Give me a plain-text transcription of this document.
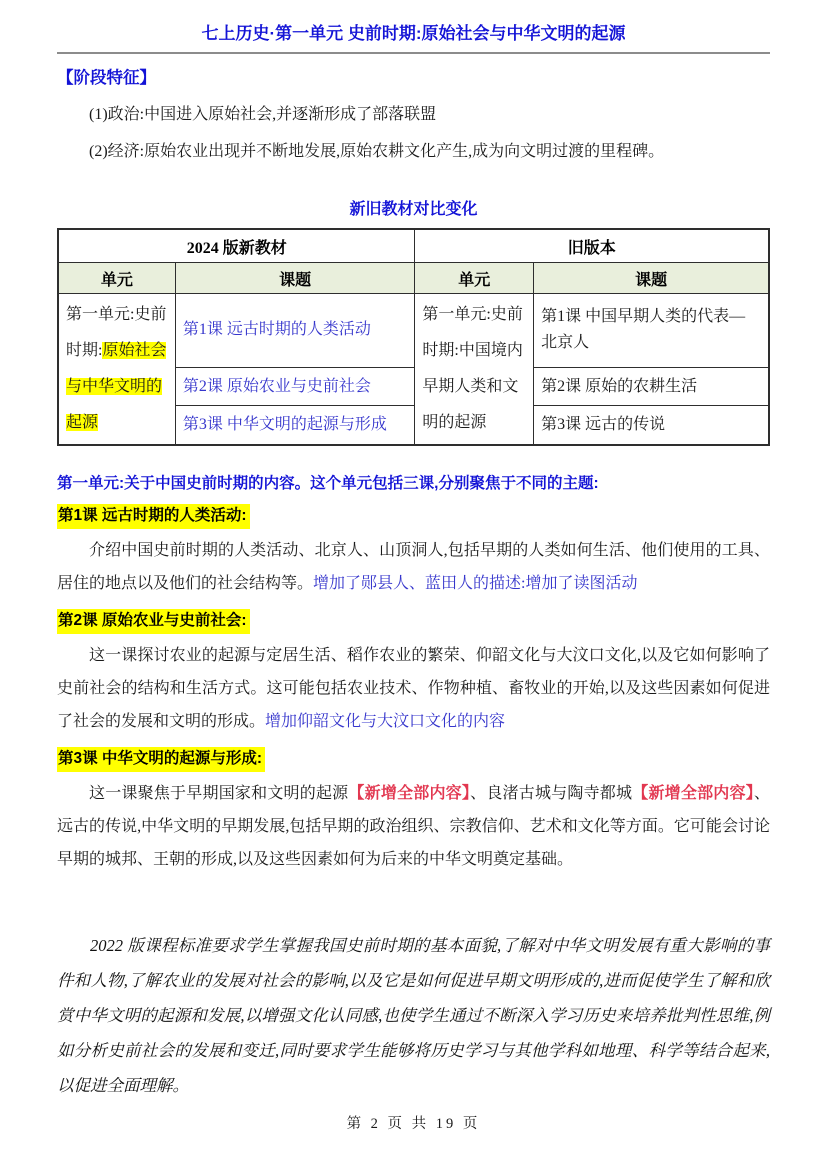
七上历史·第一单元 史前时期:原始社会与中华文明的起源
【阶段特征】

(1)政治:中国进入原始社会,并逐渐形成了部落联盟

(2)经济:原始农业出现并不断地发展,原始农耕文化产生,成为向文明过渡的里程碑。

新旧教材对比变化
2024 版新教材		旧版本	
单元	课题	单元	课题
第一单元:史前时期:原始社会与中华文明的起源	第1课 远古时期的人类活动	第一单元:史前时期:中国境内早期人类和文明的起源	第1课 中国早期人类的代表—北京人
	第2课 原始农业与史前社会		第2课 原始的农耕生活
	第3课 中华文明的起源与形成		第3课 远古的传说
第一单元:关于中国史前时期的内容。这个单元包括三课,分别聚焦于不同的主题:
第1课 远古时期的人类活动:

介绍中国史前时期的人类活动、北京人、山顶洞人,包括早期的人类如何生活、他们使用的工具、居住的地点以及他们的社会结构等。增加了郧县人、蓝田人的描述:增加了读图活动

第2课 原始农业与史前社会:

这一课探讨农业的起源与定居生活、稻作农业的繁荣、仰韶文化与大汶口文化,以及它如何影响了史前社会的结构和生活方式。这可能包括农业技术、作物种植、畜牧业的开始,以及这些因素如何促进了社会的发展和文明的形成。增加仰韶文化与大汶口文化的内容

第3课 中华文明的起源与形成:

这一课聚焦于早期国家和文明的起源【新增全部内容】、良渚古城与陶寺都城【新增全部内容】、远古的传说,中华文明的早期发展,包括早期的政治组织、宗教信仰、艺术和文化等方面。它可能会讨论早期的城邦、王朝的形成,以及这些因素如何为后来的中华文明奠定基础。

2022 版课程标准要求学生掌握我国史前时期的基本面貌,了解对中华文明发展有重大影响的事件和人物,了解农业的发展对社会的影响,以及它是如何促进早期文明形成的,进而促使学生了解和欣赏中华文明的起源和发展,以增强文化认同感,也使学生通过不断深入学习历史来培养批判性思维,例如分析史前社会的发展和变迁,同时要求学生能够将历史学习与其他学科如地理、科学等结合起来,以促进全面理解。

第 2 页 共 19 页
